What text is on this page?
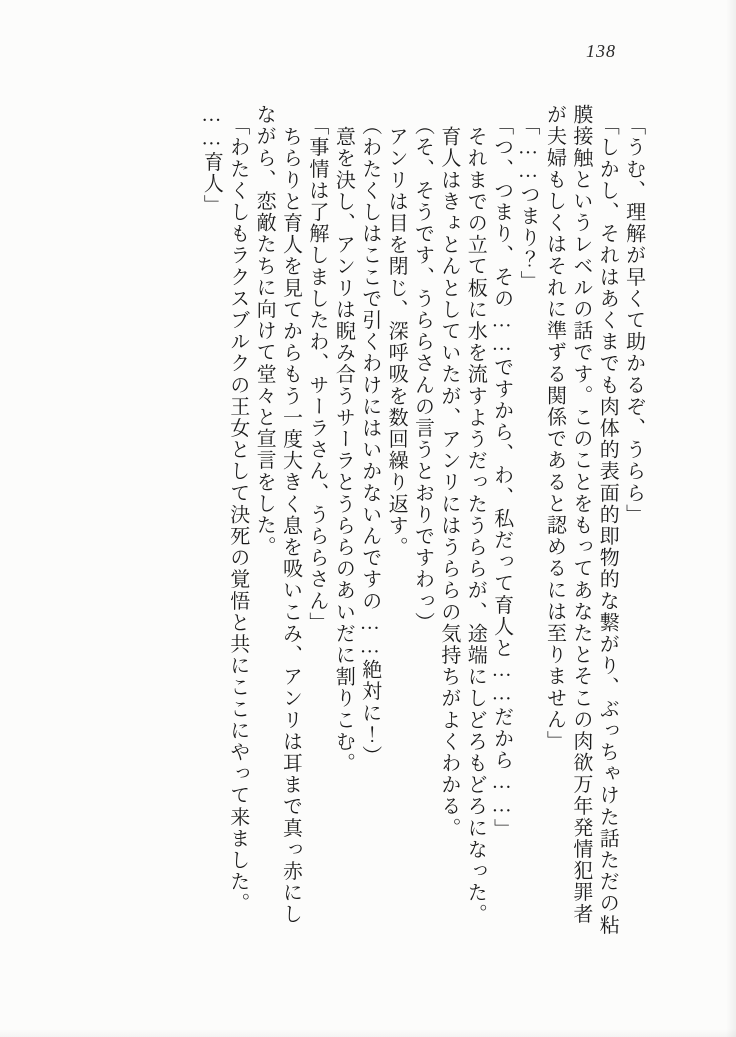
138

「うむ、理解が早くて助かるぞ、うらら」

「しかし、それはあくまでも肉体的表面的即物的な繋がり、ぶっちゃけた話ただの粘

膜接触というレベルの話です。このことをもってあなたとそこの肉欲万年発情犯罪者

が夫婦もしくはそれに準ずる関係であると認めるには至りません」

「……つまり？」

「つ、つまり、その……ですから、わ、私だって育人と……だから……」

それまでの立て板に水を流すようだったうららが、途端にしどろもどろになった。

育人はきょとんとしていたが、アンリにはうららの気持ちがよくわかる。

（そ、そうです、うららさんの言うとおりですわっ）

アンリは目を閉じ、深呼吸を数回繰り返す。

（わたくしはここで引くわけにはいかないんですの……絶対に！）

意を決し、アンリは睨み合うサーラとうららのあいだに割りこむ。

「事情は了解しましたわ、サーラさん、うららさん」

ちらりと育人を見てからもう一度大きく息を吸いこみ、アンリは耳まで真っ赤にし

ながら、恋敵たちに向けて堂々と宣言をした。

「わたくしもラクスブルクの王女として決死の覚悟と共にここにやって来ました。

……育人」
